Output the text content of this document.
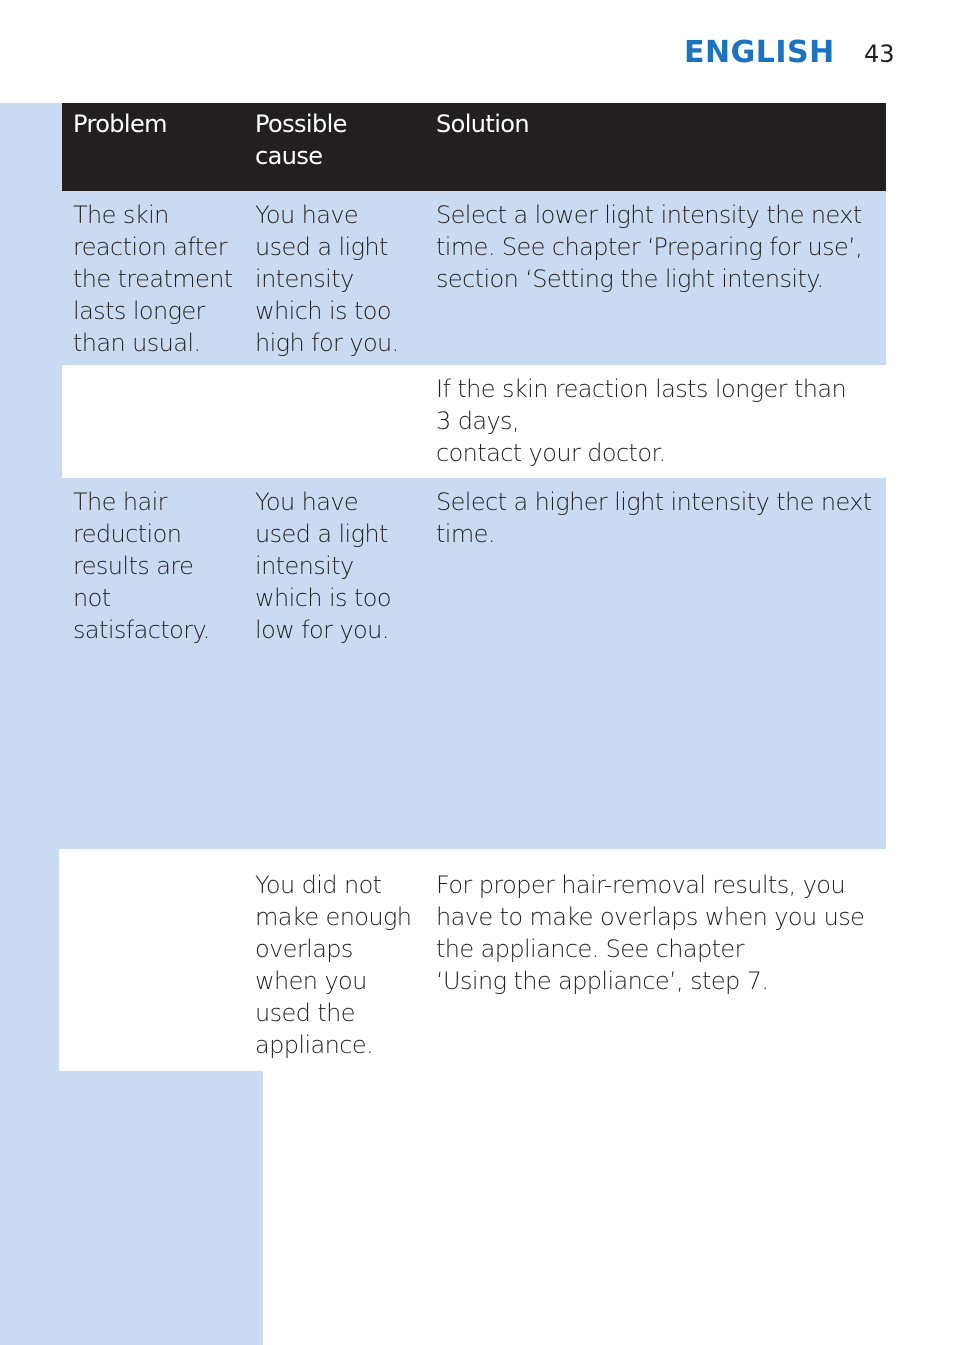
ENGLISH 43
Problem	Possible
cause
Solution
The skin
reaction after
the treatment
lasts longer
than usual.
You have
used a light
intensity
which is too
high for you.
Select a lower light intensity the next
time. See chapter ‘Preparing for use’,
section ‘Setting the light intensity.
If the skin reaction lasts longer than
3 days,
contact your doctor.
The hair
reduction
results are
not
satisfactory.
You have
used a light
intensity
which is too
low for you.
Select a higher light intensity the next
time.
You did not
make enough
overlaps
when you
used the
appliance.
For proper hair-removal results, you
have to make overlaps when you use
the appliance. See chapter
‘Using the appliance’, step 7.
